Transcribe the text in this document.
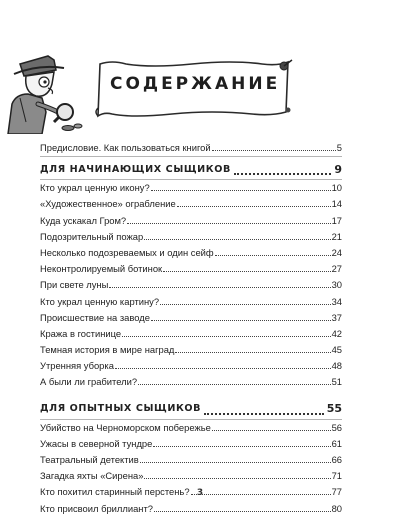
СОДЕРЖАНИЕ
Предисловие. Как пользоваться книгой	5
ДЛЯ НАЧИНАЮЩИХ СЫЩИКОВ	9
Кто украл ценную икону?	10
«Художественное» ограбление	14
Куда ускакал Гром?	17
Подозрительный пожар	21
Несколько подозреваемых и один сейф	24
Неконтролируемый ботинок	27
При свете луны	30
Кто украл ценную картину?	34
Происшествие на заводе	37
Кража в гостинице	42
Темная история в мире наград	45
Утренняя уборка	48
А были ли грабители?	51
ДЛЯ ОПЫТНЫХ СЫЩИКОВ	55
Убийство на Черноморском побережье	56
Ужасы в северной тундре	61
Театральный детектив	66
Загадка яхты «Сирена»	71
Кто похитил старинный перстень?	77
Кто присвоил бриллиант?	80
3
